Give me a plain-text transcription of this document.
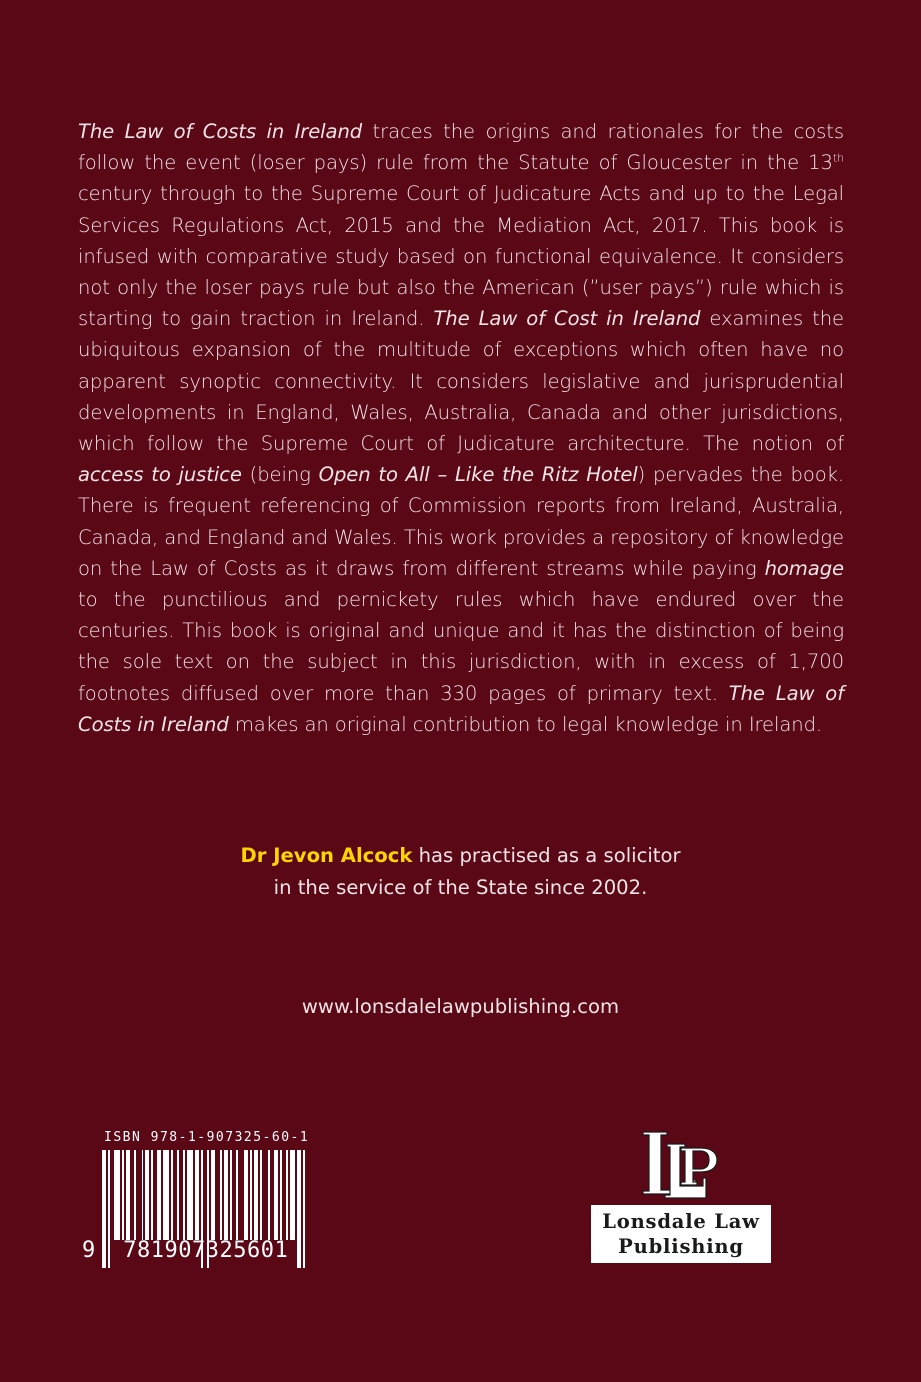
The Law of Costs in Ireland traces the origins and rationales for the costs follow the event (loser pays) rule from the Statute of Gloucester in the 13th century through to the Supreme Court of Judicature Acts and up to the Legal Services Regulations Act, 2015 and the Mediation Act, 2017. This book is infused with comparative study based on functional equivalence. It considers not only the loser pays rule but also the American (”user pays”) rule which is starting to gain traction in Ireland. The Law of Cost in Ireland examines the ubiquitous expansion of the multitude of exceptions which often have no apparent synoptic connectivity. It considers legislative and jurisprudential developments in England, Wales, Australia, Canada and other jurisdictions, which follow the Supreme Court of Judicature architecture. The notion of access to justice (being Open to All – Like the Ritz Hotel) pervades the book. There is frequent referencing of Commission reports from Ireland, Australia, Canada, and England and Wales. This work provides a repository of knowledge on the Law of Costs as it draws from different streams while paying homage to the punctilious and pernickety rules which have endured over the centuries. This book is original and unique and it has the distinction of being the sole text on the subject in this jurisdiction, with in excess of 1,700 footnotes diffused over more than 330 pages of primary text. The Law of Costs in Ireland makes an original contribution to legal knowledge in Ireland.
Dr Jevon Alcock has practised as a solicitor
in the service of the State since 2002.
www.lonsdalelawpublishing.com
ISBN 978-1-907325-60-1
9   781907325601
Lonsdale Law
Publishing
